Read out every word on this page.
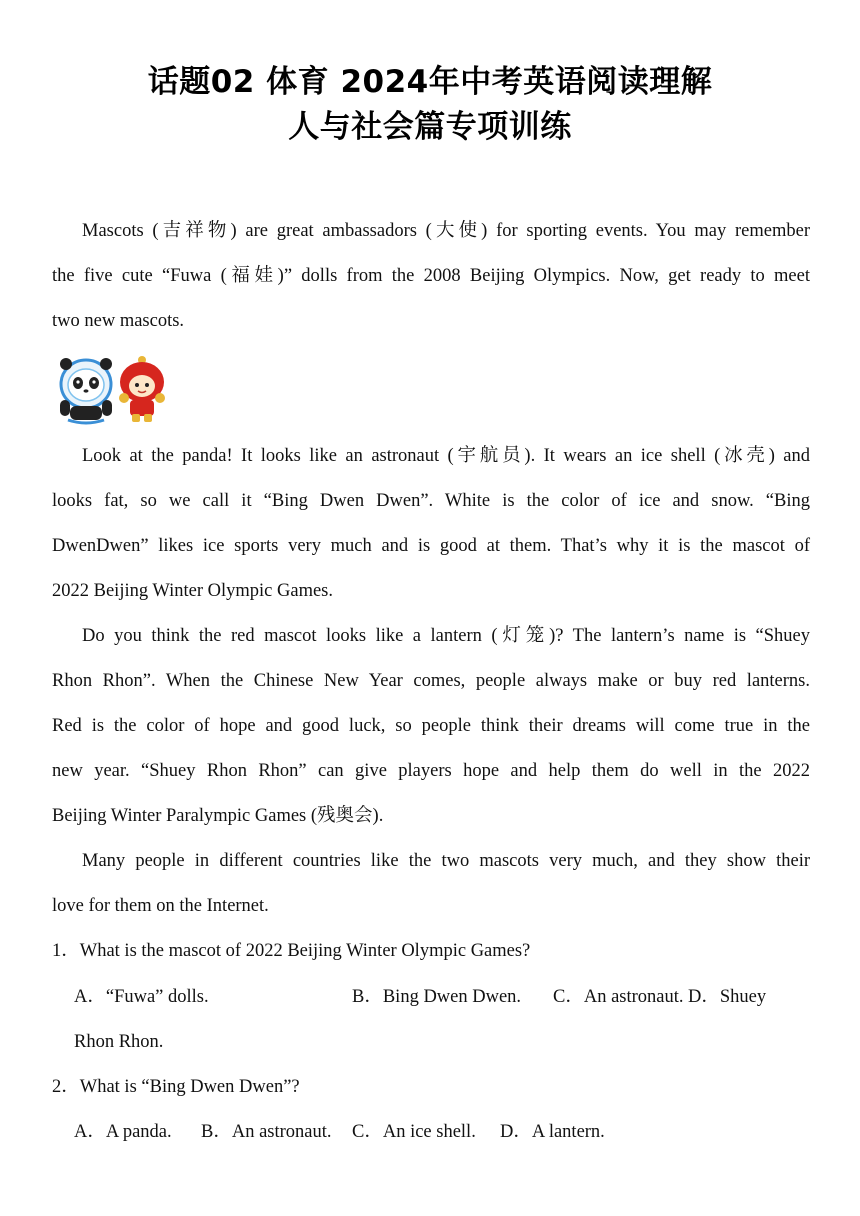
话题02 体育 2024年中考英语阅读理解
人与社会篇专项训练
Mascots (吉祥物) are great ambassadors (大使) for sporting events. You may remember
the five cute “Fuwa (福娃)” dolls from the 2008 Beijing Olympics. Now, get ready to meet
two new mascots.
Look at the panda! It looks like an astronaut (宇航员). It wears an ice shell (冰壳) and
looks fat, so we call it “Bing Dwen Dwen”. White is the color of ice and snow. “Bing
DwenDwen” likes ice sports very much and is good at them. That’s why it is the mascot of
2022 Beijing Winter Olympic Games.
Do you think the red mascot looks like a lantern (灯笼)? The lantern’s name is “Shuey
Rhon Rhon”. When the Chinese New Year comes, people always make or buy red lanterns.
Red is the color of hope and good luck, so people think their dreams will come true in the
new year. “Shuey Rhon Rhon” can give players hope and help them do well in the 2022
Beijing Winter Paralympic Games (残奥会).
Many people in different countries like the two mascots very much, and they show their
love for them on the Internet.
1．What is the mascot of 2022 Beijing Winter Olympic Games?
A．“Fuwa” dolls.	B．Bing Dwen Dwen. C．An astronaut. D．Shuey
Rhon Rhon.
2．What is “Bing Dwen Dwen”?
A．A panda. B．An astronaut. C．An ice shell. D．A lantern.
